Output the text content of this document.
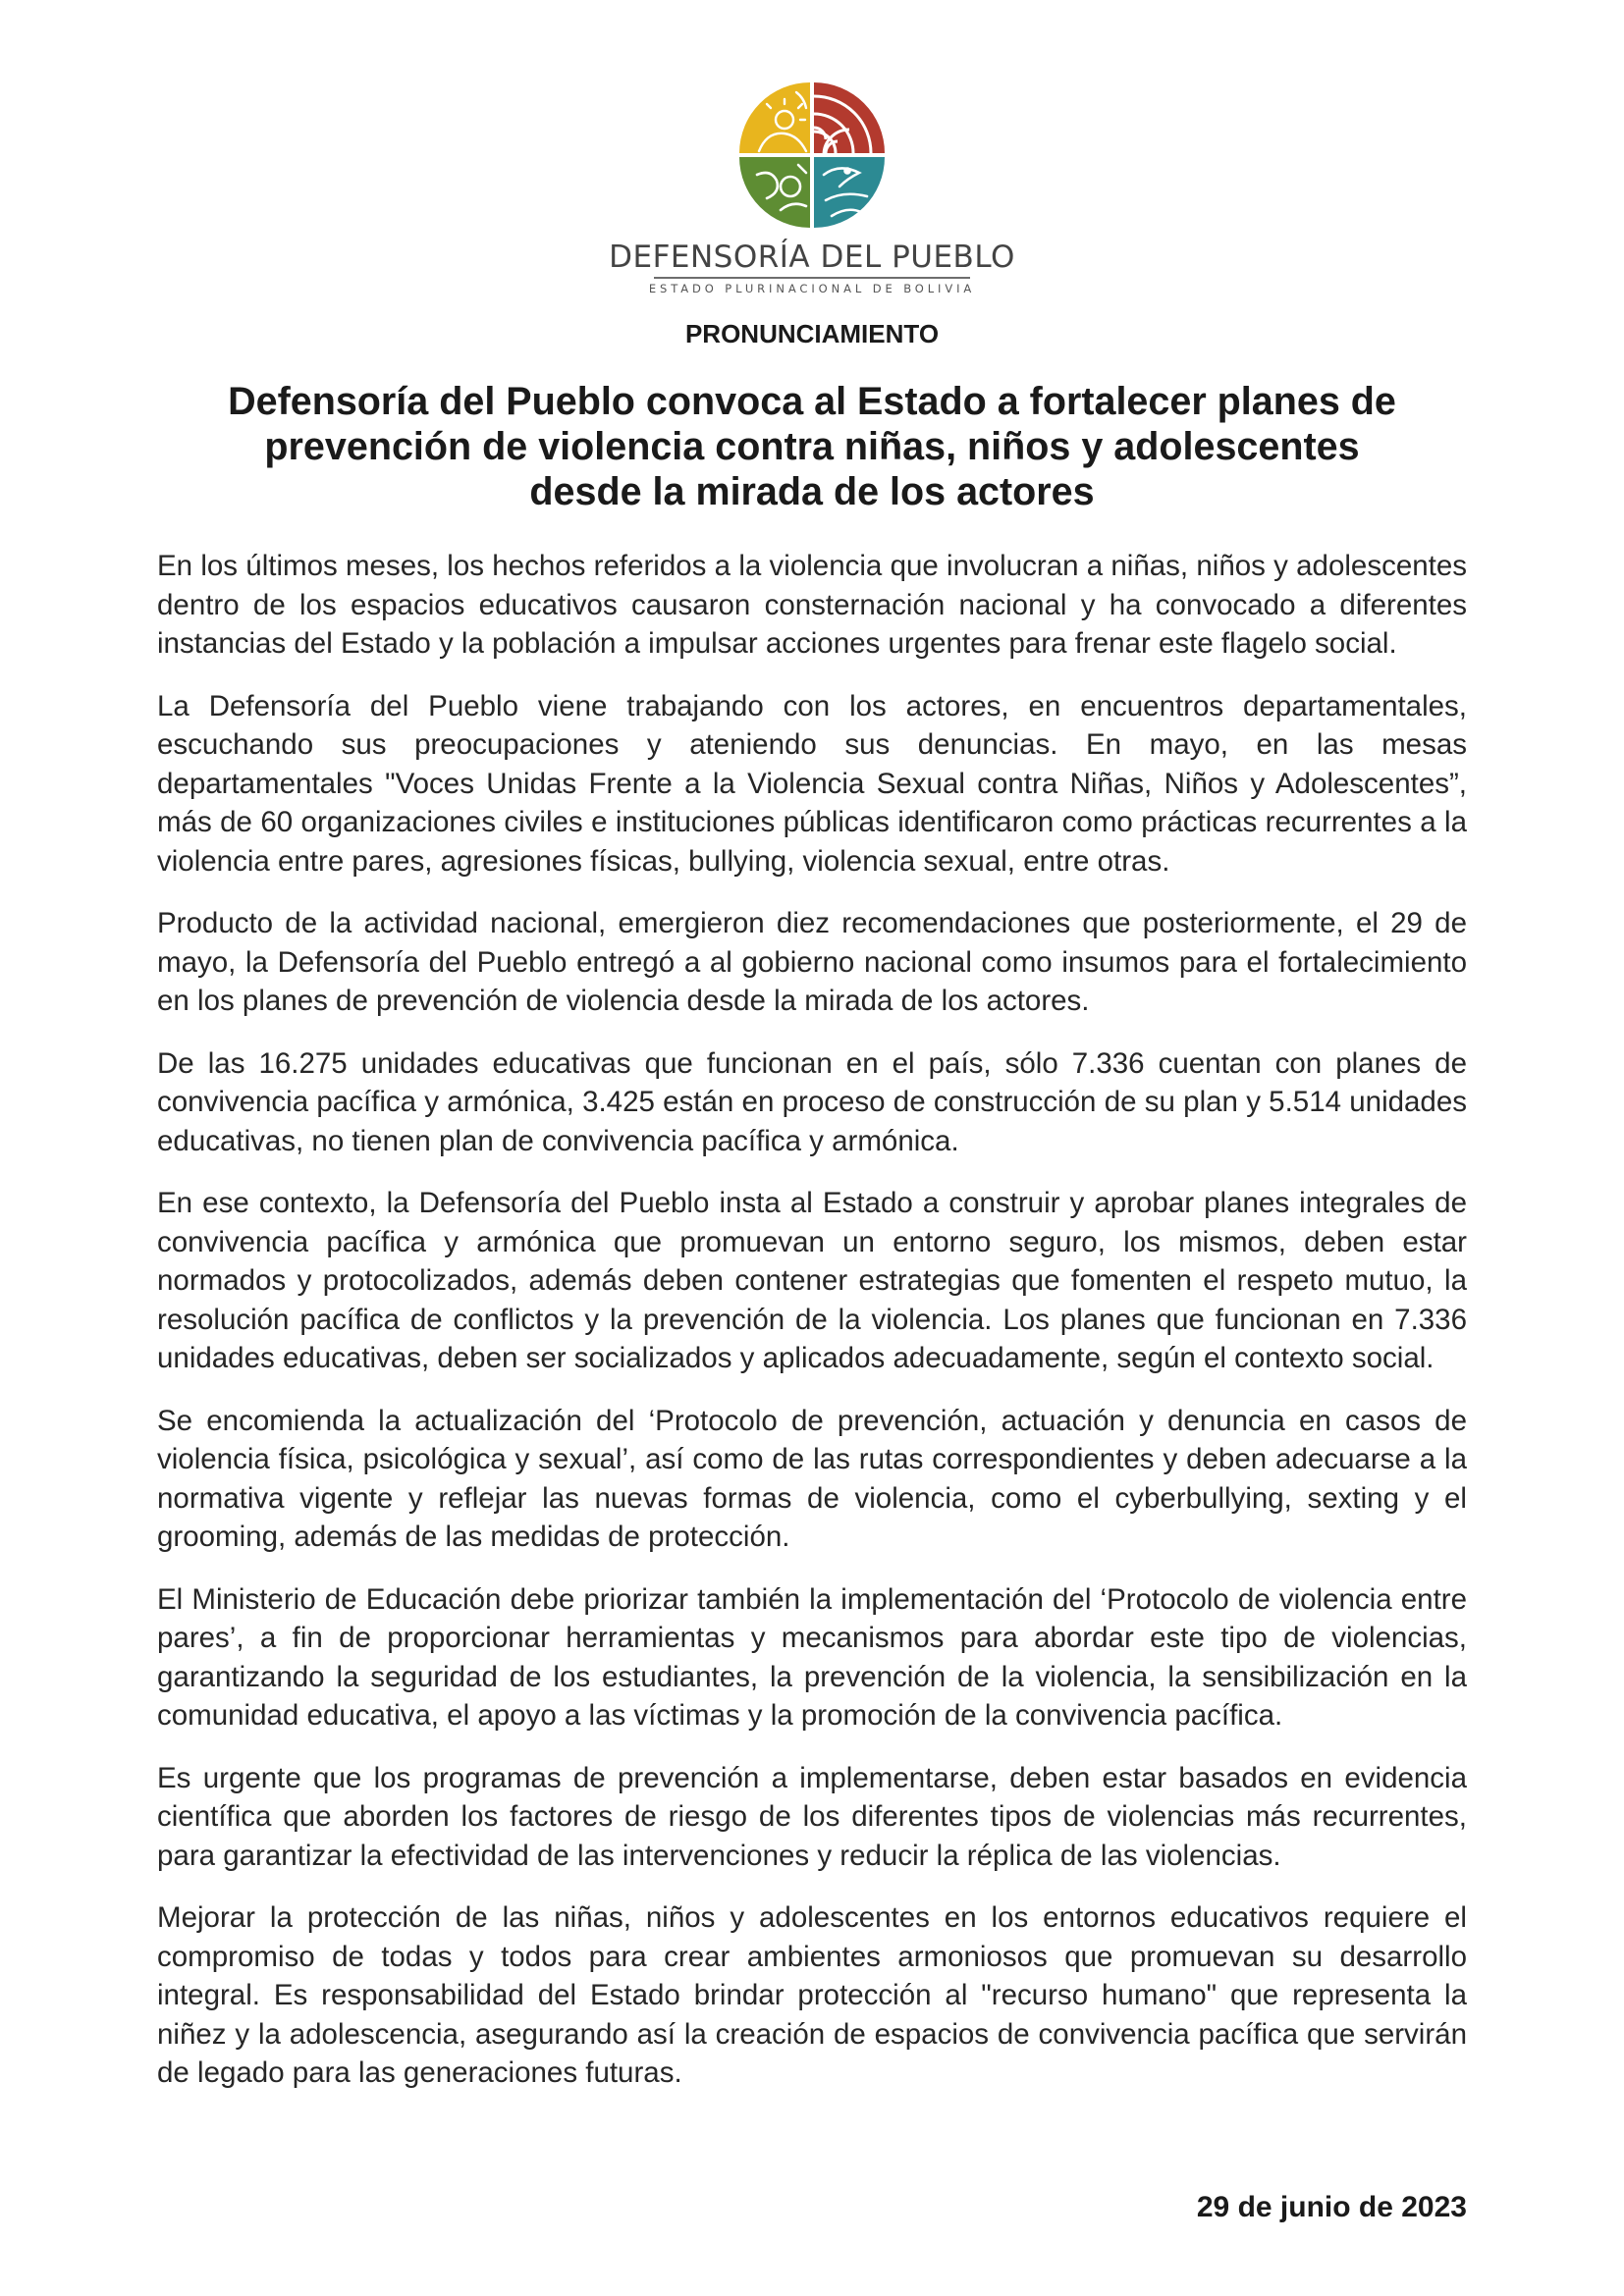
DEFENSORÍA DEL PUEBLO
ESTADO PLURINACIONAL DE BOLIVIA
PRONUNCIAMIENTO
Defensoría del Pueblo convoca al Estado a fortalecer planes de
prevención de violencia contra niñas, niños y adolescentes
desde la mirada de los actores

En los últimos meses, los hechos referidos a la violencia que involucran a niñas, niños y adolescentes dentro de los espacios educativos causaron consternación nacional y ha convocado a diferentes instancias del Estado y la población a impulsar acciones urgentes para frenar este flagelo social.

La Defensoría del Pueblo viene trabajando con los actores, en encuentros departamentales, escuchando sus preocupaciones y ateniendo sus denuncias. En mayo, en las mesas departamentales "Voces Unidas Frente a la Violencia Sexual contra Niñas, Niños y Adolescentes”, más de 60 organizaciones civiles e instituciones públicas identificaron como prácticas recurrentes a la violencia entre pares, agresiones físicas, bullying, violencia sexual, entre otras.

Producto de la actividad nacional, emergieron diez recomendaciones que posteriormente, el 29 de mayo, la Defensoría del Pueblo entregó a al gobierno nacional como insumos para el fortalecimiento en los planes de prevención de violencia desde la mirada de los actores.

De las 16.275 unidades educativas que funcionan en el país, sólo 7.336 cuentan con planes de convivencia pacífica y armónica, 3.425 están en proceso de construcción de su plan y 5.514 unidades educativas, no tienen plan de convivencia pacífica y armónica.

En ese contexto, la Defensoría del Pueblo insta al Estado a construir y aprobar planes integrales de convivencia pacífica y armónica que promuevan un entorno seguro, los mismos, deben estar normados y protocolizados, además deben contener estrategias que fomenten el respeto mutuo, la resolución pacífica de conflictos y la prevención de la violencia. Los planes que funcionan en 7.336 unidades educativas, deben ser socializados y aplicados adecuadamente, según el contexto social.

Se encomienda la actualización del ‘Protocolo de prevención, actuación y denuncia en casos de violencia física, psicológica y sexual’, así como de las rutas correspondientes y deben adecuarse a la normativa vigente y reflejar las nuevas formas de violencia, como el cyberbullying, sexting y el grooming, además de las medidas de protección.

El Ministerio de Educación debe priorizar también la implementación del ‘Protocolo de violencia entre pares’, a fin de proporcionar herramientas y mecanismos para abordar este tipo de violencias, garantizando la seguridad de los estudiantes, la prevención de la violencia, la sensibilización en la comunidad educativa, el apoyo a las víctimas y la promoción de la convivencia pacífica.

Es urgente que los programas de prevención a implementarse, deben estar basados en evidencia científica que aborden los factores de riesgo de los diferentes tipos de violencias más recurrentes, para garantizar la efectividad de las intervenciones y reducir la réplica de las violencias.

Mejorar la protección de las niñas, niños y adolescentes en los entornos educativos requiere el compromiso de todas y todos para crear ambientes armoniosos que promuevan su desarrollo integral. Es responsabilidad del Estado brindar protección al "recurso humano" que representa la niñez y la adolescencia, asegurando así la creación de espacios de convivencia pacífica que servirán de legado para las generaciones futuras.

29 de junio de 2023
